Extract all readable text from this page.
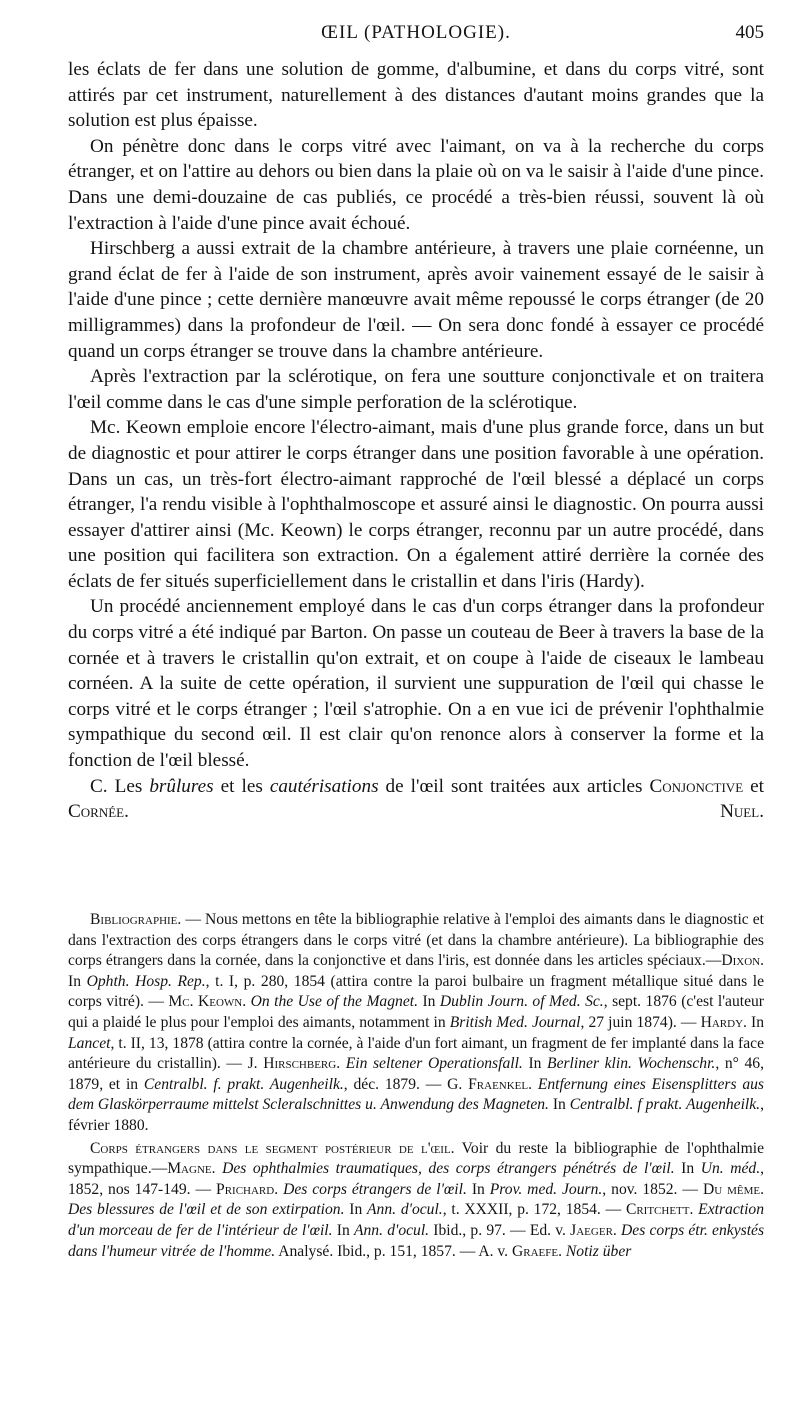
ŒIL (PATHOLOGIE).	405

les éclats de fer dans une solution de gomme, d'albumine, et dans du corps vitré, sont attirés par cet instrument, naturellement à des distances d'autant moins grandes que la solution est plus épaisse.

On pénètre donc dans le corps vitré avec l'aimant, on va à la recherche du corps étranger, et on l'attire au dehors ou bien dans la plaie où on va le saisir à l'aide d'une pince. Dans une demi-douzaine de cas publiés, ce procédé a très-bien réussi, souvent là où l'extraction à l'aide d'une pince avait échoué.

Hirschberg a aussi extrait de la chambre antérieure, à travers une plaie cornéenne, un grand éclat de fer à l'aide de son instrument, après avoir vainement essayé de le saisir à l'aide d'une pince ; cette dernière manœuvre avait même repoussé le corps étranger (de 20 milligrammes) dans la profondeur de l'œil. — On sera donc fondé à essayer ce procédé quand un corps étranger se trouve dans la chambre antérieure.

Après l'extraction par la sclérotique, on fera une soutture conjonctivale et on traitera l'œil comme dans le cas d'une simple perforation de la sclérotique.

Mc. Keown emploie encore l'électro-aimant, mais d'une plus grande force, dans un but de diagnostic et pour attirer le corps étranger dans une position favorable à une opération. Dans un cas, un très-fort électro-aimant rapproché de l'œil blessé a déplacé un corps étranger, l'a rendu visible à l'ophthalmoscope et assuré ainsi le diagnostic. On pourra aussi essayer d'attirer ainsi (Mc. Keown) le corps étranger, reconnu par un autre procédé, dans une position qui facilitera son extraction. On a également attiré derrière la cornée des éclats de fer situés superficiellement dans le cristallin et dans l'iris (Hardy).

Un procédé anciennement employé dans le cas d'un corps étranger dans la profondeur du corps vitré a été indiqué par Barton. On passe un couteau de Beer à travers la base de la cornée et à travers le cristallin qu'on extrait, et on coupe à l'aide de ciseaux le lambeau cornéen. A la suite de cette opération, il survient une suppuration de l'œil qui chasse le corps vitré et le corps étranger ; l'œil s'atrophie. On a en vue ici de prévenir l'ophthalmie sympathique du second œil. Il est clair qu'on renonce alors à conserver la forme et la fonction de l'œil blessé.

C. Les brûlures et les cautérisations de l'œil sont traitées aux articles Conjonctive et Cornée.	Nuel.

Bibliographie. — Nous mettons en tête la bibliographie relative à l'emploi des aimants dans le diagnostic et dans l'extraction des corps étrangers dans le corps vitré (et dans la chambre antérieure). La bibliographie des corps étrangers dans la cornée, dans la conjonctive et dans l'iris, est donnée dans les articles spéciaux.—Dixon. In Ophth. Hosp. Rep., t. I, p. 280, 1854 (attira contre la paroi bulbaire un fragment métallique situé dans le corps vitré). — Mc. Keown. On the Use of the Magnet. In Dublin Journ. of Med. Sc., sept. 1876 (c'est l'auteur qui a plaidé le plus pour l'emploi des aimants, notamment in British Med. Journal, 27 juin 1874). — Hardy. In Lancet, t. II, 13, 1878 (attira contre la cornée, à l'aide d'un fort aimant, un fragment de fer implanté dans la face antérieure du cristallin). — J. Hirschberg. Ein seltener Operationsfall. In Berliner klin. Wochenschr., n° 46, 1879, et in Centralbl. f. prakt. Augenheilk., déc. 1879. — G. Fraenkel. Entfernung eines Eisensplitters aus dem Glaskörperraume mittelst Scleralschnittes u. Anwendung des Magneten. In Centralbl. f prakt. Augenheilk., février 1880.

Corps étrangers dans le segment postérieur de l'œil. Voir du reste la bibliographie de l'ophthalmie sympathique.—Magne. Des ophthalmies traumatiques, des corps étrangers pénétrés de l'œil. In Un. méd., 1852, nos 147-149. — Prichard. Des corps étrangers de l'œil. In Prov. med. Journ., nov. 1852. — Du même. Des blessures de l'œil et de son extirpation. In Ann. d'ocul., t. XXXII, p. 172, 1854. — Critchett. Extraction d'un morceau de fer de l'intérieur de l'œil. In Ann. d'ocul. Ibid., p. 97. — Ed. v. Jaeger. Des corps étr. enkystés dans l'humeur vitrée de l'homme. Analysé. Ibid., p. 151, 1857. — A. v. Graefe. Notiz über
